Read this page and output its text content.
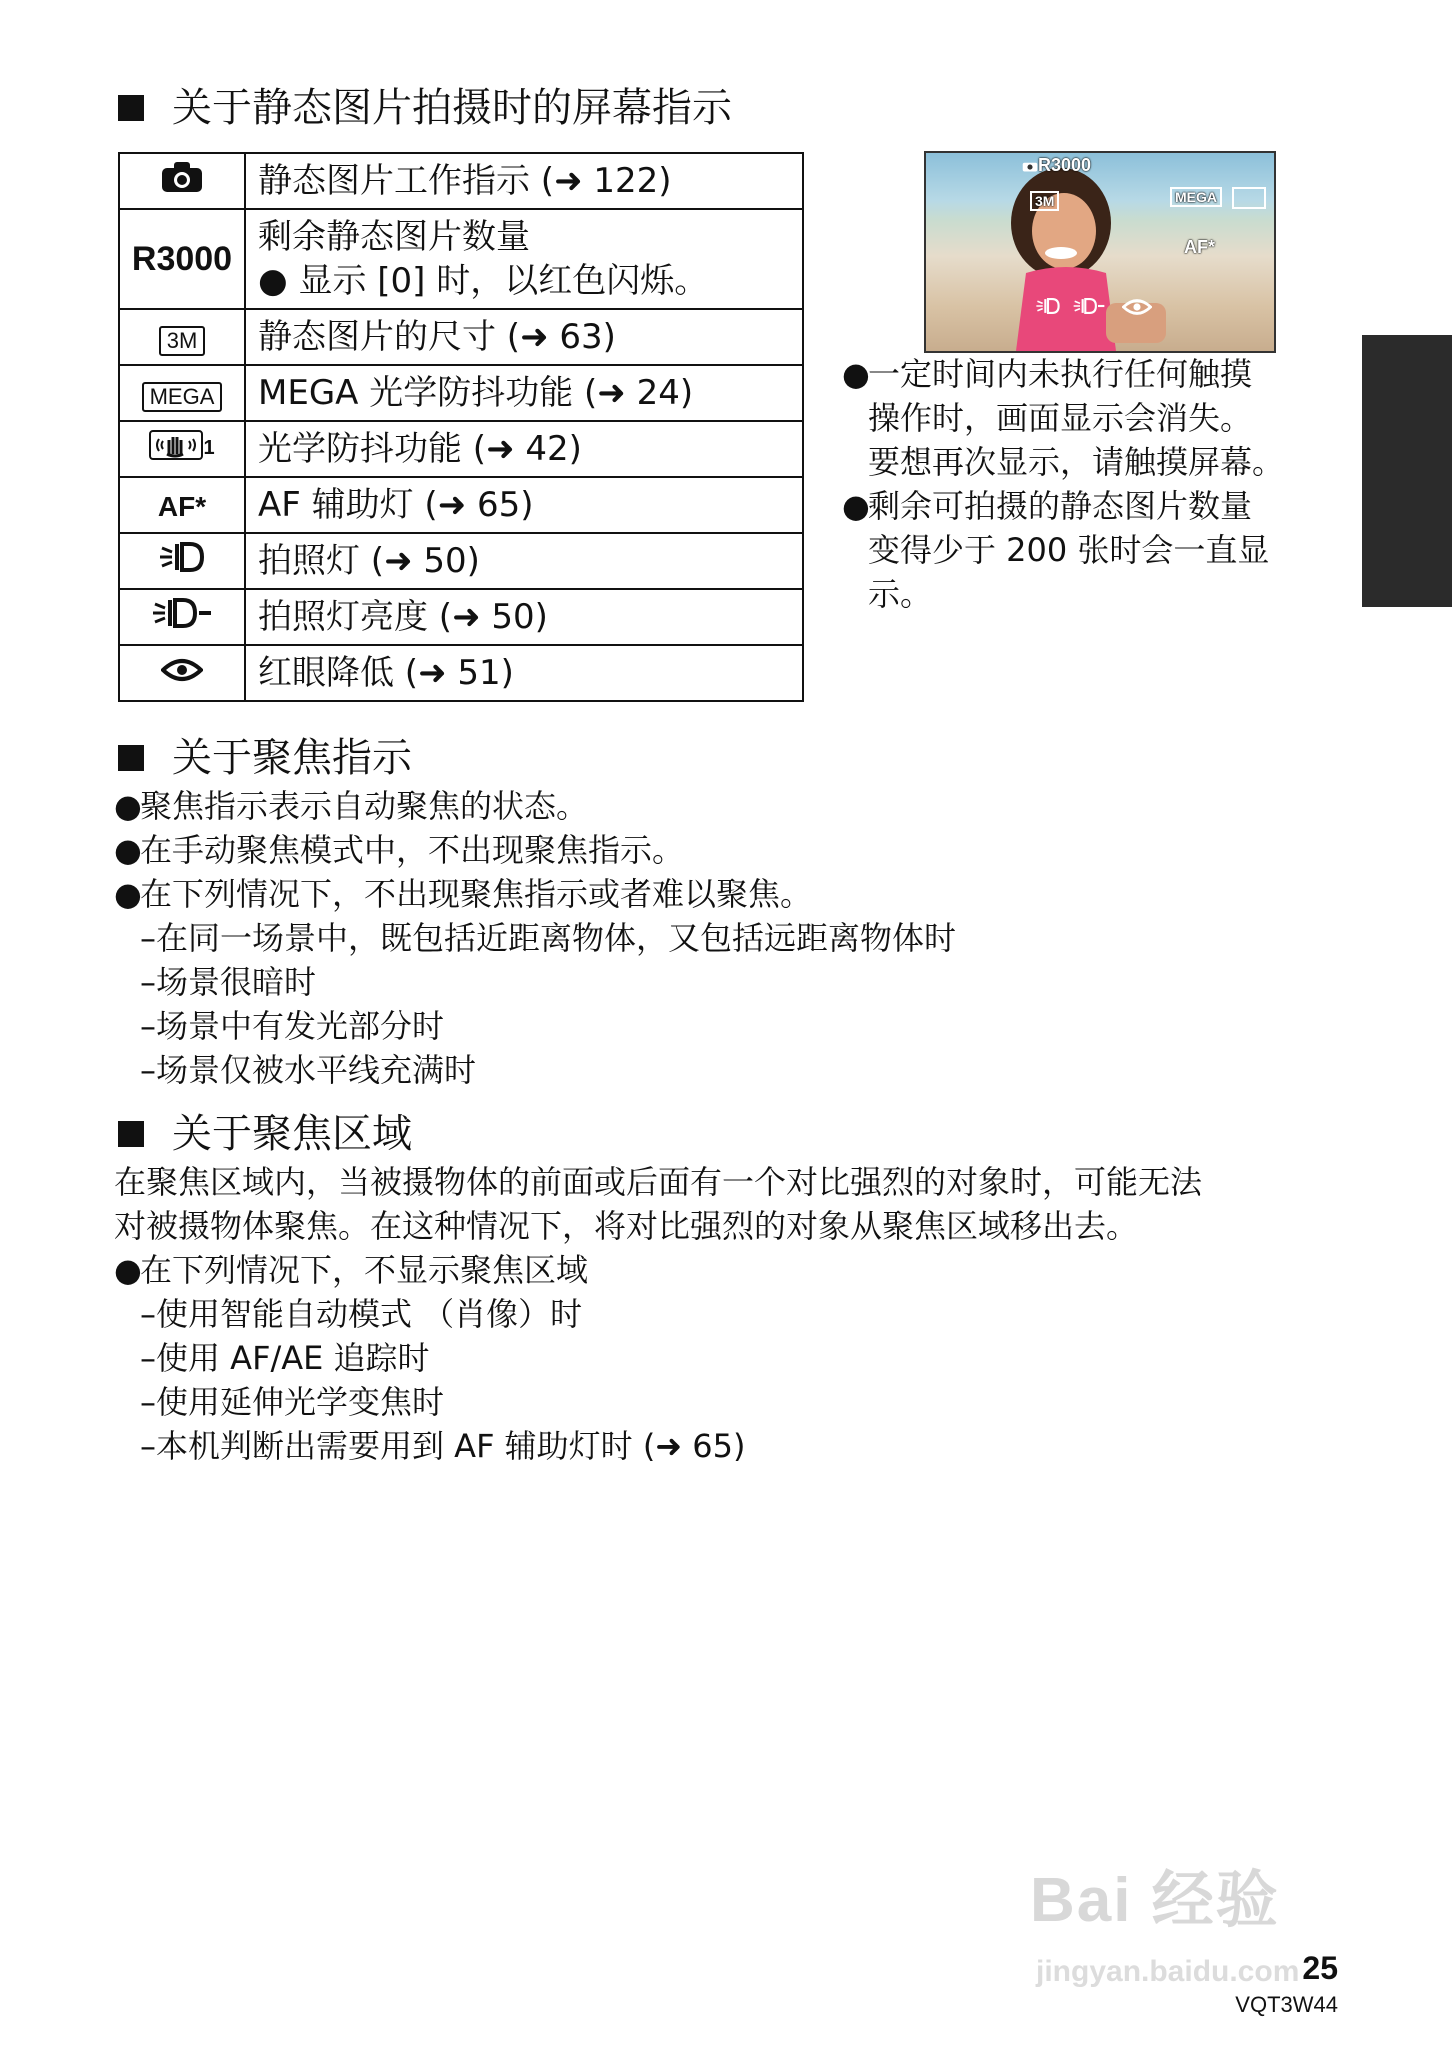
关于静态图片拍摄时的屏幕指示
	静态图片工作指示 (➜ 122)
R3000	剩余静态图片数量
● 显示 [0] 时，以红色闪烁。

3M	静态图片的尺寸 (➜ 63)
MEGA	MEGA 光学防抖功能 (➜ 24)

1	光学防抖功能 (➜ 42)
AF*	AF 辅助灯 (➜ 65)
	拍照灯 (➜ 50)
	拍照灯亮度 (➜ 50)
	红眼降低 (➜ 51)
R3000
3M	MEGA
AF*
●一定时间内未执行任何触摸
操作时，画面显示会消失。
要想再次显示，请触摸屏幕。
●剩余可拍摄的静态图片数量
变得少于 200 张时会一直显
示。
关于聚焦指示
●聚焦指示表示自动聚焦的状态。
●在手动聚焦模式中，不出现聚焦指示。
●在下列情况下，不出现聚焦指示或者难以聚焦。
–在同一场景中，既包括近距离物体，又包括远距离物体时
–场景很暗时
–场景中有发光部分时
–场景仅被水平线充满时
关于聚焦区域
在聚焦区域内，当被摄物体的前面或后面有一个对比强烈的对象时，可能无法
对被摄物体聚焦。在这种情况下，将对比强烈的对象从聚焦区域移出去。
●在下列情况下，不显示聚焦区域
–使用智能自动模式 （肖像）时
–使用 AF/AE 追踪时
–使用延伸光学变焦时
–本机判断出需要用到 AF 辅助灯时 (➜ 65)
Bai 经验
jingyan.baidu.com 25
VQT3W44
